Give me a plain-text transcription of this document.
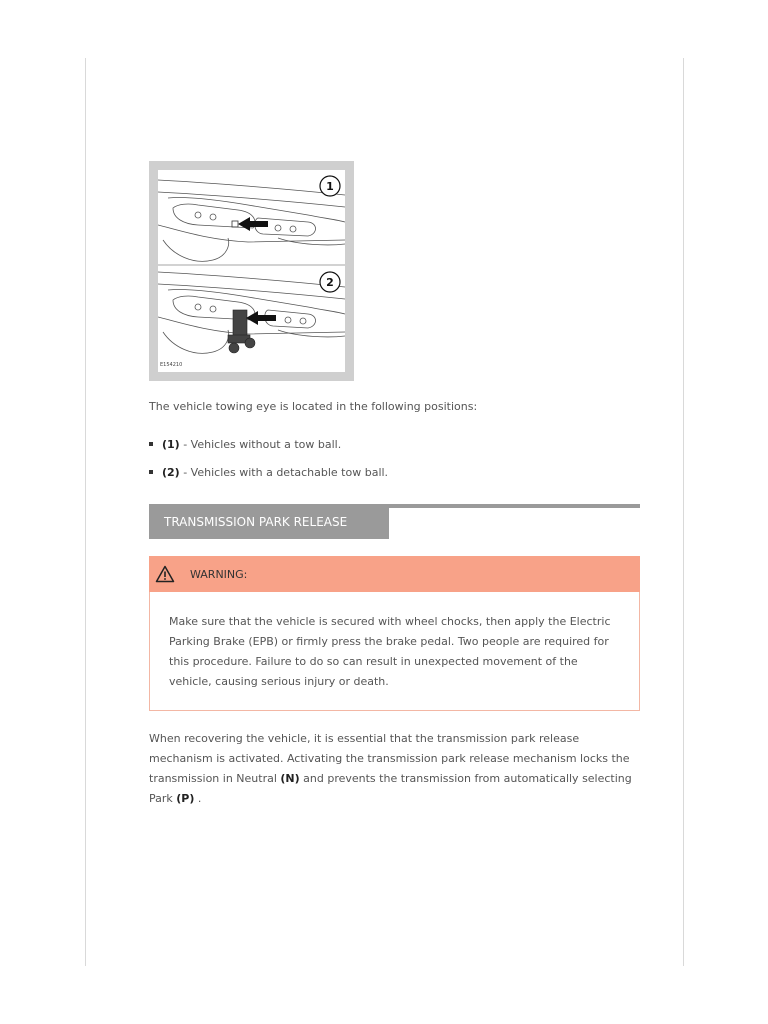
1
2
E154210
The vehicle towing eye is located in the following positions:
(1) - Vehicles without a tow ball.
(2) - Vehicles with a detachable tow ball.
TRANSMISSION PARK RELEASE
WARNING:
Make sure that the vehicle is secured with wheel chocks, then apply the Electric Parking Brake (EPB) or firmly press the brake pedal. Two people are required for this procedure. Failure to do so can result in unexpected movement of the vehicle, causing serious injury or death.
When recovering the vehicle, it is essential that the transmission park release mechanism is activated. Activating the transmission park release mechanism locks the transmission in Neutral (N) and prevents the transmission from automatically selecting Park (P) .
